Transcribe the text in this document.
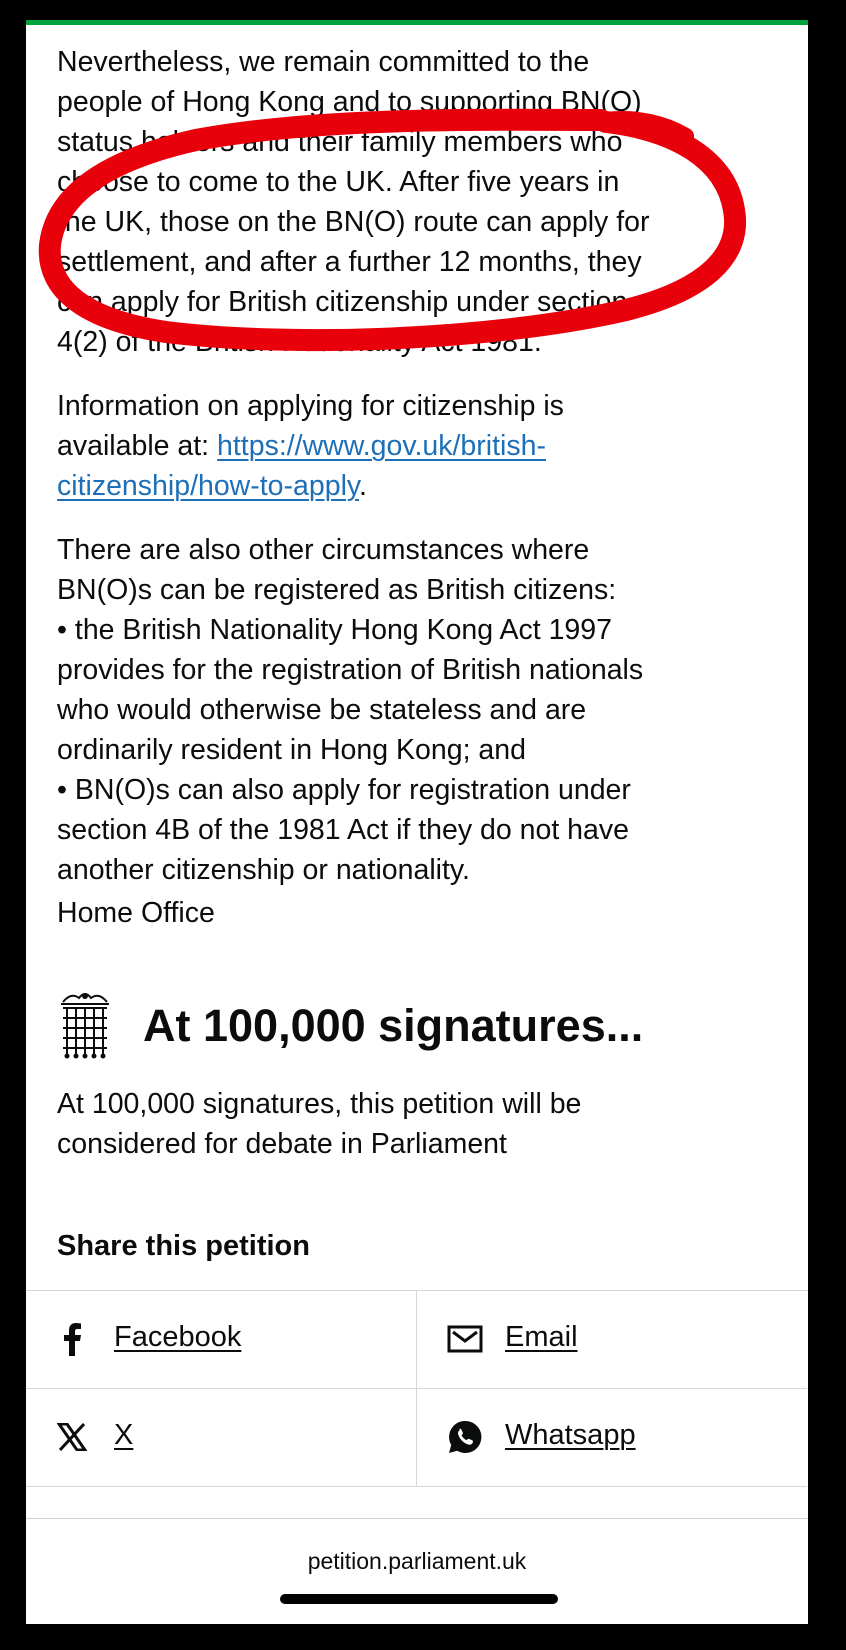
Nevertheless, we remain committed to the
people of Hong Kong and to supporting BN(O)
status holders and their family members who
choose to come to the UK. After five years in
the UK, those on the BN(O) route can apply for
settlement, and after a further 12 months, they
can apply for British citizenship under section
4(2) of the British Nationality Act 1981.
Information on applying for citizenship is
available at: https://www.gov.uk/british-
citizenship/how-to-apply.
There are also other circumstances where
BN(O)s can be registered as British citizens:
• the British Nationality Hong Kong Act 1997
provides for the registration of British nationals
who would otherwise be stateless and are
ordinarily resident in Hong Kong; and
• BN(O)s can also apply for registration under
section 4B of the 1981 Act if they do not have
another citizenship or nationality.
Home Office
At 100,000 signatures...
At 100,000 signatures, this petition will be
considered for debate in Parliament
Share this petition
Facebook	Email
X	Whatsapp
petition.parliament.uk
